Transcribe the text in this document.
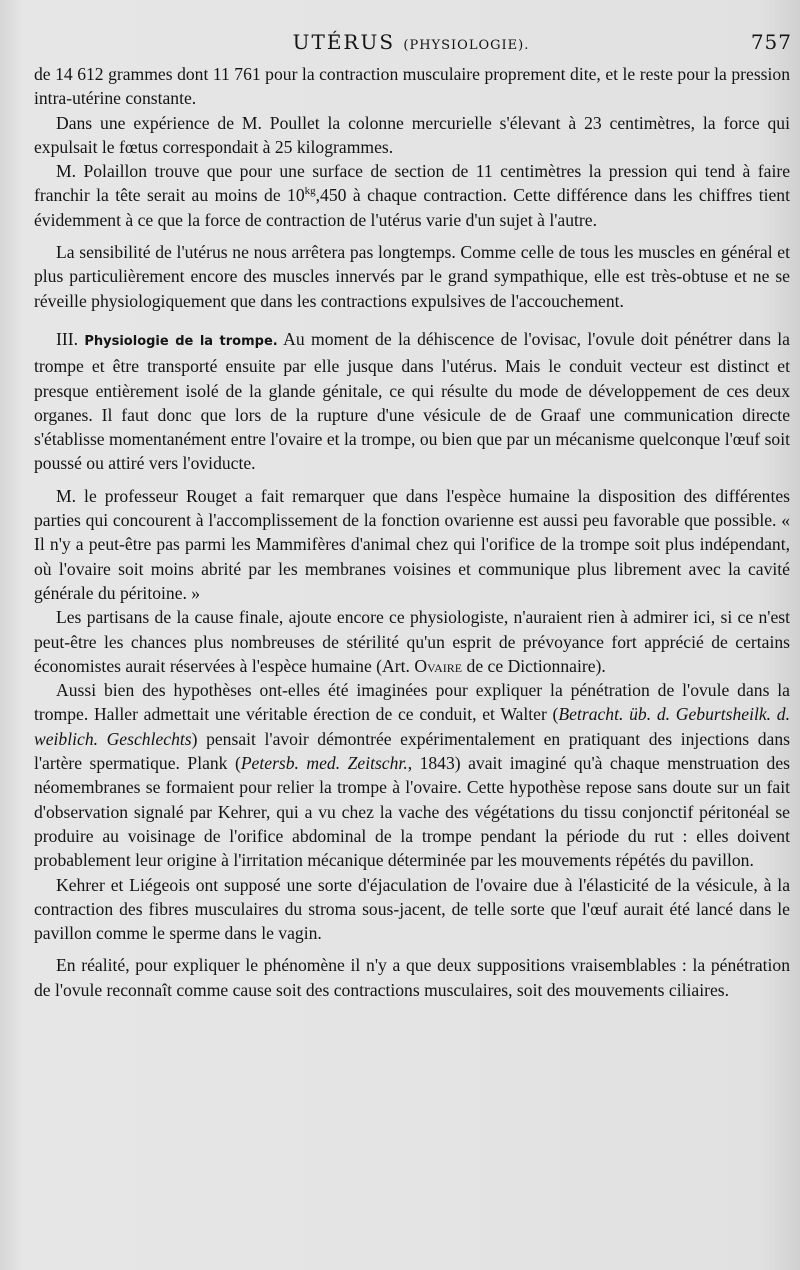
UTÉRUS (PHYSIOLOGIE).	757

de 14 612 grammes dont 11 761 pour la contraction musculaire proprement dite, et le reste pour la pression intra-utérine constante.

Dans une expérience de M. Poullet la colonne mercurielle s'élevant à 23 centimètres, la force qui expulsait le fœtus correspondait à 25 kilogrammes.

M. Polaillon trouve que pour une surface de section de 11 centimètres la pression qui tend à faire franchir la tête serait au moins de $10^{kg},450$ à chaque contraction. Cette différence dans les chiffres tient évidemment à ce que la force de contraction de l'utérus varie d'un sujet à l'autre.

La sensibilité de l'utérus ne nous arrêtera pas longtemps. Comme celle de tous les muscles en général et plus particulièrement encore des muscles innervés par le grand sympathique, elle est très-obtuse et ne se réveille physiologiquement que dans les contractions expulsives de l'accouchement.

III. Physiologie de la trompe. Au moment de la déhiscence de l'ovisac, l'ovule doit pénétrer dans la trompe et être transporté ensuite par elle jusque dans l'utérus. Mais le conduit vecteur est distinct et presque entièrement isolé de la glande génitale, ce qui résulte du mode de développement de ces deux organes. Il faut donc que lors de la rupture d'une vésicule de de Graaf une communication directe s'établisse momentanément entre l'ovaire et la trompe, ou bien que par un mécanisme quelconque l'œuf soit poussé ou attiré vers l'oviducte.

M. le professeur Rouget a fait remarquer que dans l'espèce humaine la disposition des différentes parties qui concourent à l'accomplissement de la fonction ovarienne est aussi peu favorable que possible. « Il n'y a peut-être pas parmi les Mammifères d'animal chez qui l'orifice de la trompe soit plus indépendant, où l'ovaire soit moins abrité par les membranes voisines et communique plus librement avec la cavité générale du péritoine. »

Les partisans de la cause finale, ajoute encore ce physiologiste, n'auraient rien à admirer ici, si ce n'est peut-être les chances plus nombreuses de stérilité qu'un esprit de prévoyance fort apprécié de certains économistes aurait réservées à l'espèce humaine (Art. Ovaire de ce Dictionnaire).

Aussi bien des hypothèses ont-elles été imaginées pour expliquer la pénétration de l'ovule dans la trompe. Haller admettait une véritable érection de ce conduit, et Walter (Betracht. üb. d. Geburtsheilk. d. weiblich. Geschlechts) pensait l'avoir démontrée expérimentalement en pratiquant des injections dans l'artère spermatique. Plank (Petersb. med. Zeitschr., 1843) avait imaginé qu'à chaque menstruation des néomembranes se formaient pour relier la trompe à l'ovaire. Cette hypothèse repose sans doute sur un fait d'observation signalé par Kehrer, qui a vu chez la vache des végétations du tissu conjonctif péritonéal se produire au voisinage de l'orifice abdominal de la trompe pendant la période du rut : elles doivent probablement leur origine à l'irritation mécanique déterminée par les mouvements répétés du pavillon.

Kehrer et Liégeois ont supposé une sorte d'éjaculation de l'ovaire due à l'élasticité de la vésicule, à la contraction des fibres musculaires du stroma sous-jacent, de telle sorte que l'œuf aurait été lancé dans le pavillon comme le sperme dans le vagin.

En réalité, pour expliquer le phénomène il n'y a que deux suppositions vraisemblables : la pénétration de l'ovule reconnaît comme cause soit des contractions musculaires, soit des mouvements ciliaires.
